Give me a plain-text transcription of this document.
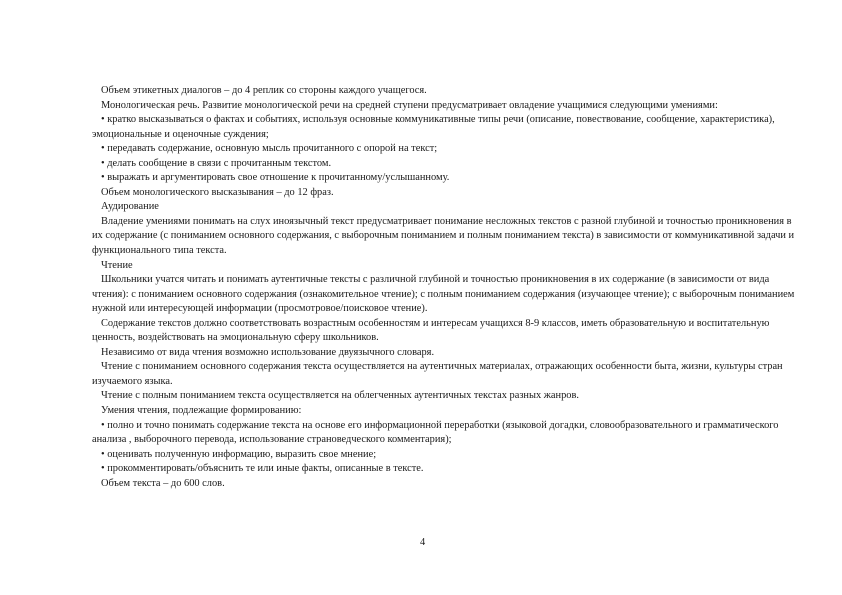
Объем этикетных диалогов – до 4 реплик со стороны каждого учащегося.

Монологическая речь. Развитие монологической речи на средней ступени предусматривает овладение учащимися следующими умениями:

• кратко высказываться о фактах и событиях, используя основные коммуникативные типы речи (описание, повествование, сообщение, характеристика), эмоциональные и оценочные суждения;

• передавать содержание, основную мысль прочитанного с опорой на текст;

• делать сообщение в связи с прочитанным текстом.

• выражать и аргументировать свое отношение к прочитанному/услышанному.

Объем монологического высказывания – до 12 фраз.

Аудирование

Владение умениями понимать на слух иноязычный текст предусматривает понимание несложных текстов с разной глубиной и точностью проникновения в их содержание (с пониманием основного содержания, с выборочным пониманием и полным пониманием текста) в зависимости от коммуникативной задачи и функционального типа текста.

Чтение

Школьники учатся читать и понимать аутентичные тексты с различной глубиной и точностью проникновения в их содержание (в зависимости от вида чтения): с пониманием основного содержания (ознакомительное чтение); с полным пониманием содержания (изучающее чтение); с выборочным пониманием нужной или интересующей информации (просмотровое/поисковое чтение).

Содержание текстов должно соответствовать возрастным особенностям и интересам учащихся 8-9 классов, иметь образовательную и воспитательную ценность, воздействовать на эмоциональную сферу школьников.

Независимо от вида чтения возможно использование двуязычного словаря.

Чтение с пониманием основного содержания текста осуществляется на аутентичных материалах, отражающих особенности быта, жизни, культуры стран изучаемого языка.

Чтение с полным пониманием текста осуществляется на облегченных аутентичных текстах разных жанров.

Умения чтения, подлежащие формированию:

• полно и точно понимать содержание текста на основе его информационной переработки (языковой догадки, словообразовательного и грамматического анализа , выборочного перевода, использование страноведческого комментария);

• оценивать полученную информацию, выразить свое мнение;

• прокомментировать/объяснить те или иные факты, описанные в тексте.

Объем текста – до 600 слов.

4
